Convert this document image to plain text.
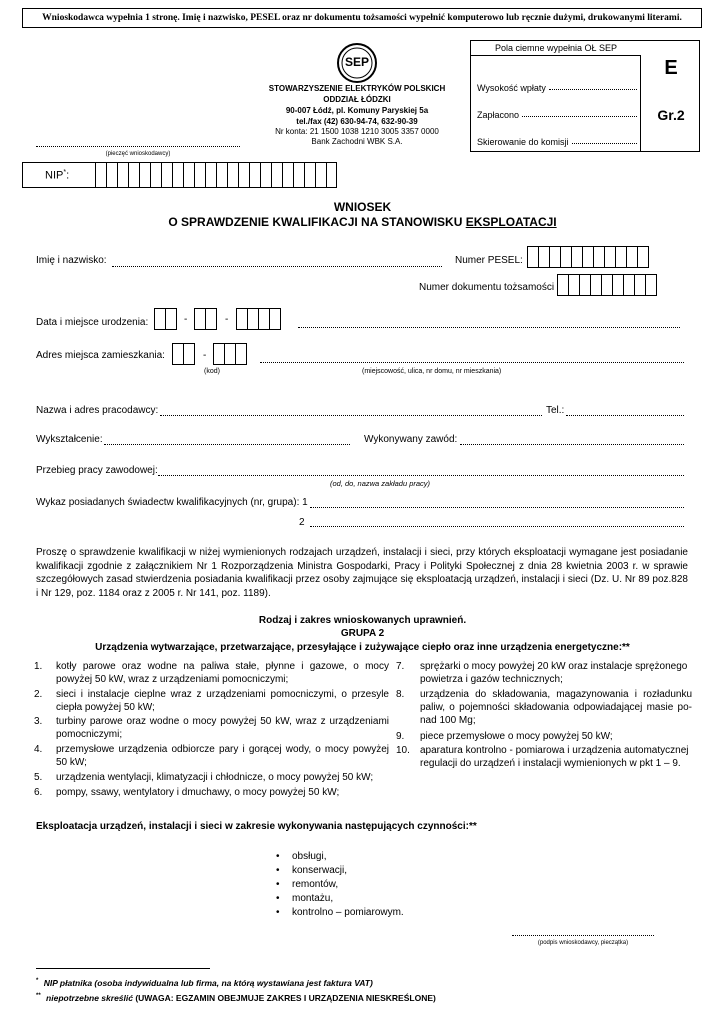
Wnioskodawca wypełnia 1 stronę. Imię i nazwisko, PESEL oraz nr dokumentu tożsamości wypełnić komputerowo lub ręcznie dużymi, drukowanymi literami.
SEP
STOWARZYSZENIE ELEKTRYKÓW POLSKICH
ODDZIAŁ ŁÓDZKI
90-007 Łódź, pl. Komuny Paryskiej 5a
tel./fax (42) 630-94-74, 632-90-39
Nr konta: 21 1500 1038 1210 3005 3357 0000
Bank Zachodni WBK S.A.
Pola ciemne wypełnia OŁ SEP
Wysokość wpłaty
Zapłacono
Skierowanie do komisji
E
Gr.2
(pieczęć wnioskodawcy)
NIP*:
WNIOSEK
O SPRAWDZENIE KWALIFIKACJI NA STANOWISKU EKSPLOATACJI
Imię i nazwisko:	Numer PESEL:
Numer dokumentu tożsamości
Data i miejsce urodzenia:	-	-
Adres miejsca zamieszkania:	-
(kod)	(miejscowość, ulica, nr domu, nr mieszkania)
Nazwa i adres pracodawcy:	Tel.:
Wykształcenie:	Wykonywany zawód:
Przebieg pracy zawodowej:
(od, do, nazwa zakładu pracy)
Wykaz posiadanych świadectw kwalifikacyjnych (nr, grupa): 1
2
Proszę o sprawdzenie kwalifikacji w niżej wymienionych rodzajach urządzeń, instalacji i sieci, przy których eksploatacji wymagane jest posiadanie kwalifikacji zgodnie z załącznikiem Nr 1 Rozporządzenia Ministra Gospodarki, Pracy i Polityki Społecznej z dnia 28 kwietnia 2003 r. w sprawie szczegółowych zasad stwierdzenia posiadania kwalifikacji przez osoby zajmujące się eksploatacją urządzeń, instalacji i sieci (Dz. U. Nr 89 poz.828 i Nr 129, poz. 1184 oraz z 2005 r. Nr 141, poz. 1189).
Rodzaj i zakres wnioskowanych uprawnień.
GRUPA 2
Urządzenia wytwarzające, przetwarzające, przesyłające i zużywające ciepło oraz inne urządzenia energetyczne:**
1.	kotły parowe oraz wodne na paliwa stałe, płynne i gazowe, o mocy powyżej 50 kW, wraz z urządzeniami pomocniczymi;
2.	sieci i instalacje cieplne wraz z urządzeniami pomocniczymi, o przesyle ciepła powyżej 50 kW;
3.	turbiny parowe oraz wodne o mocy powyżej 50 kW, wraz z urządzeniami pomocniczymi;
4.	przemysłowe urządzenia odbiorcze pary i gorącej wody, o mocy powyżej 50 kW;
5.	urządzenia wentylacji, klimatyzacji i chłodnicze, o mocy powyżej 50 kW;
6.	pompy, ssawy, wentylatory i dmuchawy, o mocy powyżej 50 kW;
7.	sprężarki o mocy powyżej 20 kW oraz instalacje sprężonego powietrza i gazów technicznych;
8.	urządzenia do składowania, magazynowania i rozładunku paliw, o pojemności składowania odpowiadającej masie po-nad 100 Mg;
9.	piece przemysłowe o mocy powyżej 50 kW;
10.	aparatura kontrolno - pomiarowa i urządzenia automatycznej regulacji do urządzeń i instalacji wymienionych w pkt 1 – 9.
Eksploatacja urządzeń, instalacji i sieci w zakresie wykonywania następujących czynności:**
• obsługi,
• konserwacji,
• remontów,
• montażu,
• kontrolno – pomiarowym.
(podpis wnioskodawcy, pieczątka)
* NIP płatnika (osoba indywidualna lub firma, na którą wystawiana jest faktura VAT)
** niepotrzebne skreślić (UWAGA: EGZAMIN OBEJMUJE ZAKRES I URZĄDZENIA NIESKREŚLONE)
